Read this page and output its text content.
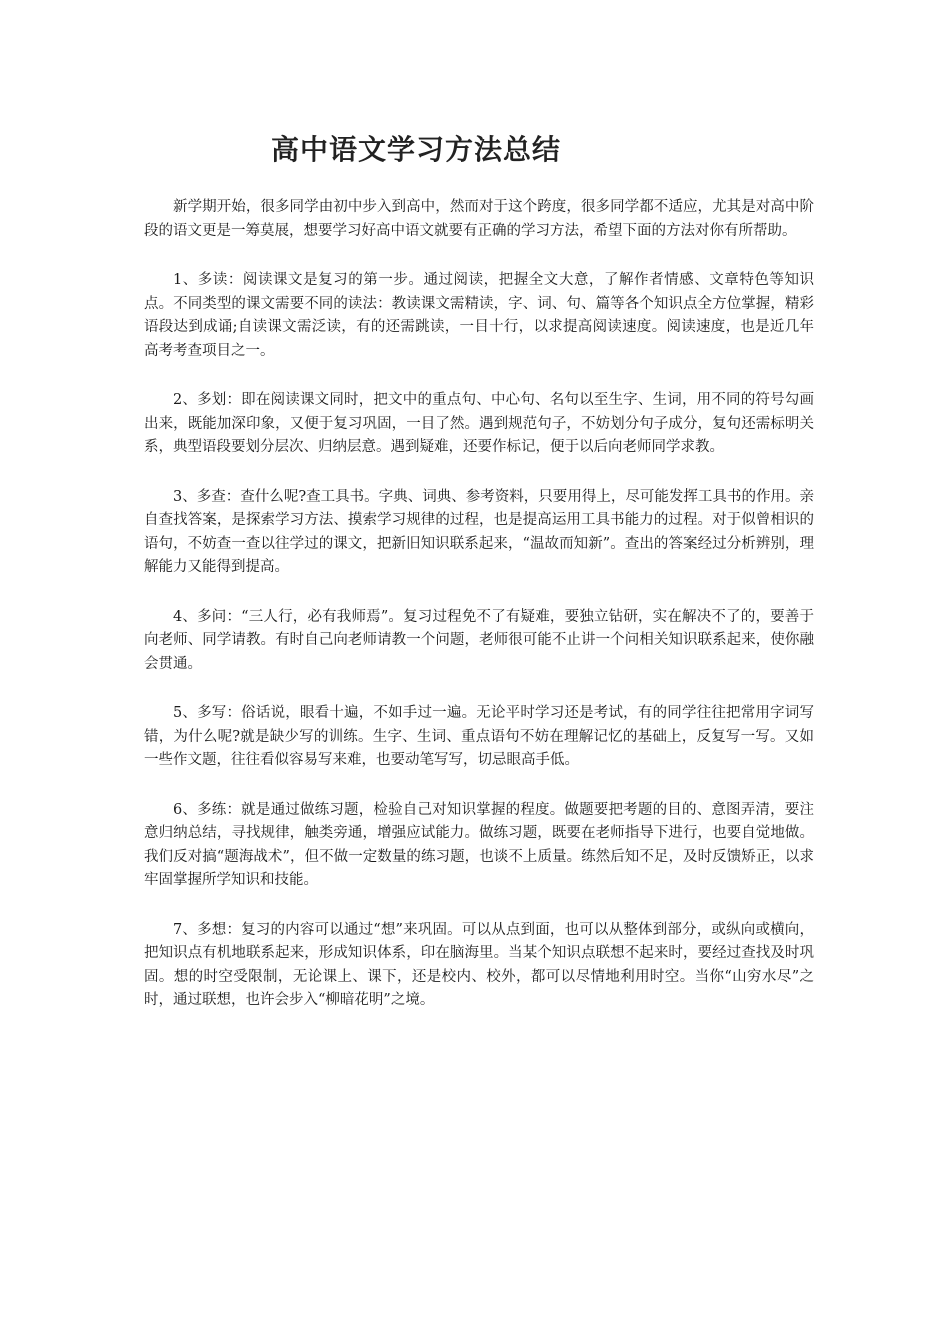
高中语文学习方法总结

新学期开始，很多同学由初中步入到高中，然而对于这个跨度，很多同学都不适应，尤其是对高中阶段的语文更是一筹莫展，想要学习好高中语文就要有正确的学习方法，希望下面的方法对你有所帮助。

1、多读：阅读课文是复习的第一步。通过阅读，把握全文大意，了解作者情感、文章特色等知识点。不同类型的课文需要不同的读法：教读课文需精读，字、词、句、篇等各个知识点全方位掌握，精彩语段达到成诵;自读课文需泛读，有的还需跳读，一目十行，以求提高阅读速度。阅读速度，也是近几年高考考查项目之一。

2、多划：即在阅读课文同时，把文中的重点句、中心句、名句以至生字、生词，用不同的符号勾画出来，既能加深印象，又便于复习巩固，一目了然。遇到规范句子，不妨划分句子成分，复句还需标明关系，典型语段要划分层次、归纳层意。遇到疑难，还要作标记，便于以后向老师同学求教。

3、多查：查什么呢?查工具书。字典、词典、参考资料，只要用得上，尽可能发挥工具书的作用。亲自查找答案，是探索学习方法、摸索学习规律的过程，也是提高运用工具书能力的过程。对于似曾相识的语句，不妨查一查以往学过的课文，把新旧知识联系起来，“温故而知新”。查出的答案经过分析辨别，理解能力又能得到提高。

4、多问：“三人行，必有我师焉”。复习过程免不了有疑难，要独立钻研，实在解决不了的，要善于向老师、同学请教。有时自己向老师请教一个问题，老师很可能不止讲一个问相关知识联系起来，使你融会贯通。

5、多写：俗话说，眼看十遍，不如手过一遍。无论平时学习还是考试，有的同学往往把常用字词写错，为什么呢?就是缺少写的训练。生字、生词、重点语句不妨在理解记忆的基础上，反复写一写。又如一些作文题，往往看似容易写来难，也要动笔写写，切忌眼高手低。

6、多练：就是通过做练习题，检验自己对知识掌握的程度。做题要把考题的目的、意图弄清，要注意归纳总结，寻找规律，触类旁通，增强应试能力。做练习题，既要在老师指导下进行，也要自觉地做。我们反对搞“题海战术”，但不做一定数量的练习题，也谈不上质量。练然后知不足，及时反馈矫正，以求牢固掌握所学知识和技能。

7、多想：复习的内容可以通过“想”来巩固。可以从点到面，也可以从整体到部分，或纵向或横向，把知识点有机地联系起来，形成知识体系，印在脑海里。当某个知识点联想不起来时，要经过查找及时巩固。想的时空受限制，无论课上、课下，还是校内、校外，都可以尽情地利用时空。当你“山穷水尽”之时，通过联想，也许会步入“柳暗花明”之境。
